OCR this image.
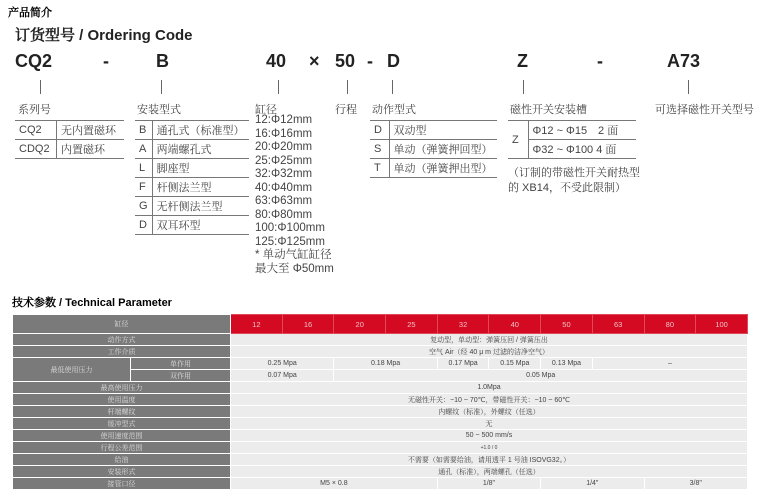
产品简介
订货型号 / Ordering Code
CQ2	-	B	40 × 50 - D	Z	-	A73
系列号
CQ2	无内置磁环
CDQ2	内置磁环
安装型式
B	通孔式（标准型）
A	两端螺孔式
L	脚座型
F	杆侧法兰型
G	无杆侧法兰型
D	双耳环型
缸径
12:Φ12mm
16:Φ16mm
20:Φ20mm
25:Φ25mm
32:Φ32mm
40:Φ40mm
63:Φ63mm
80:Φ80mm
100:Φ100mm
125:Φ125mm
* 单动气缸缸径
最大至 Φ50mm
行程 动作型式
D	双动型
S	单动（弹簧押回型）
T	单动（弹簧押出型）
磁性开关安装槽
Z	Φ12 ~ Φ15　2 面
Φ32 ~ Φ100 4 面
（订制的带磁性开关耐热型
的 XB14，不受此限制）
可选择磁性开关型号
技术参数 / Technical Parameter
缸径		12	16	20	25	32	40	50	63	80	100
动作方式		复动型，单动型：弹簧压回 / 弹簧压出									
工作介质		空气 Air（经 40 μ m 过滤的洁净空气）									
最低使用压力	单作用	0.25 Mpa		0.18 Mpa		0.17 Mpa	0.15 Mpa	0.13 Mpa	–		
	双作用	0.07 Mpa		0.05 Mpa							
最高使用压力		1.0Mpa									
使用温度		无磁性开关：−10 ~ 70℃，带磁性开关：−10 ~ 60℃									
杆端螺纹		内螺纹（标准），外螺纹（任选）									
缓冲型式		无									
使用速度范围		50 ~ 500 mm/s									
行程公差范围		+1.0 / 0									
给油		不需要（如需要给油，请用透平 1 号油 ISOVG32。）									
安装形式		通孔（标准），两端螺孔（任选）									
接管口径		M5 × 0.8				1/8"		1/4"		3/8"	
